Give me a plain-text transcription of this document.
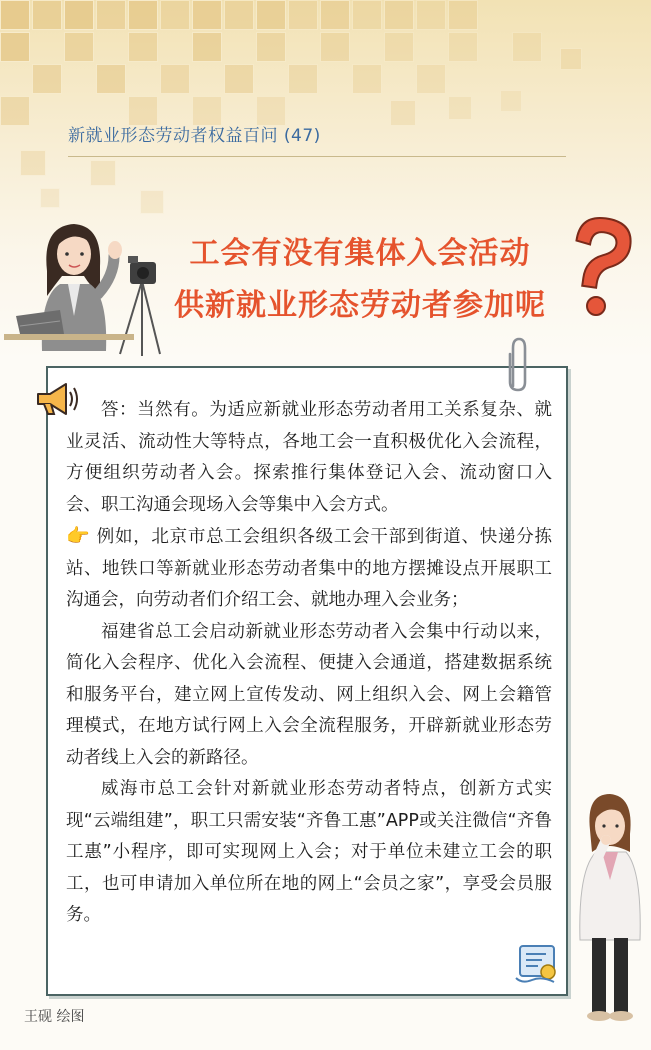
新就业形态劳动者权益百问 (47)
工会有没有集体入会活动
供新就业形态劳动者参加呢

答：当然有。为适应新就业形态劳动者用工关系复杂、就业灵活、流动性大等特点，各地工会一直积极优化入会流程，方便组织劳动者入会。探索推行集体登记入会、流动窗口入会、职工沟通会现场入会等集中入会方式。

👉 例如，北京市总工会组织各级工会干部到街道、快递分拣站、地铁口等新就业形态劳动者集中的地方摆摊设点开展职工沟通会，向劳动者们介绍工会、就地办理入会业务；

福建省总工会启动新就业形态劳动者入会集中行动以来，简化入会程序、优化入会流程、便捷入会通道，搭建数据系统和服务平台，建立网上宣传发动、网上组织入会、网上会籍管理模式，在地方试行网上入会全流程服务，开辟新就业形态劳动者线上入会的新路径。

威海市总工会针对新就业形态劳动者特点，创新方式实现“云端组建”，职工只需安装“齐鲁工惠”APP或关注微信“齐鲁工惠”小程序，即可实现网上入会；对于单位未建立工会的职工，也可申请加入单位所在地的网上“会员之家”，享受会员服务。

王砚 绘图
